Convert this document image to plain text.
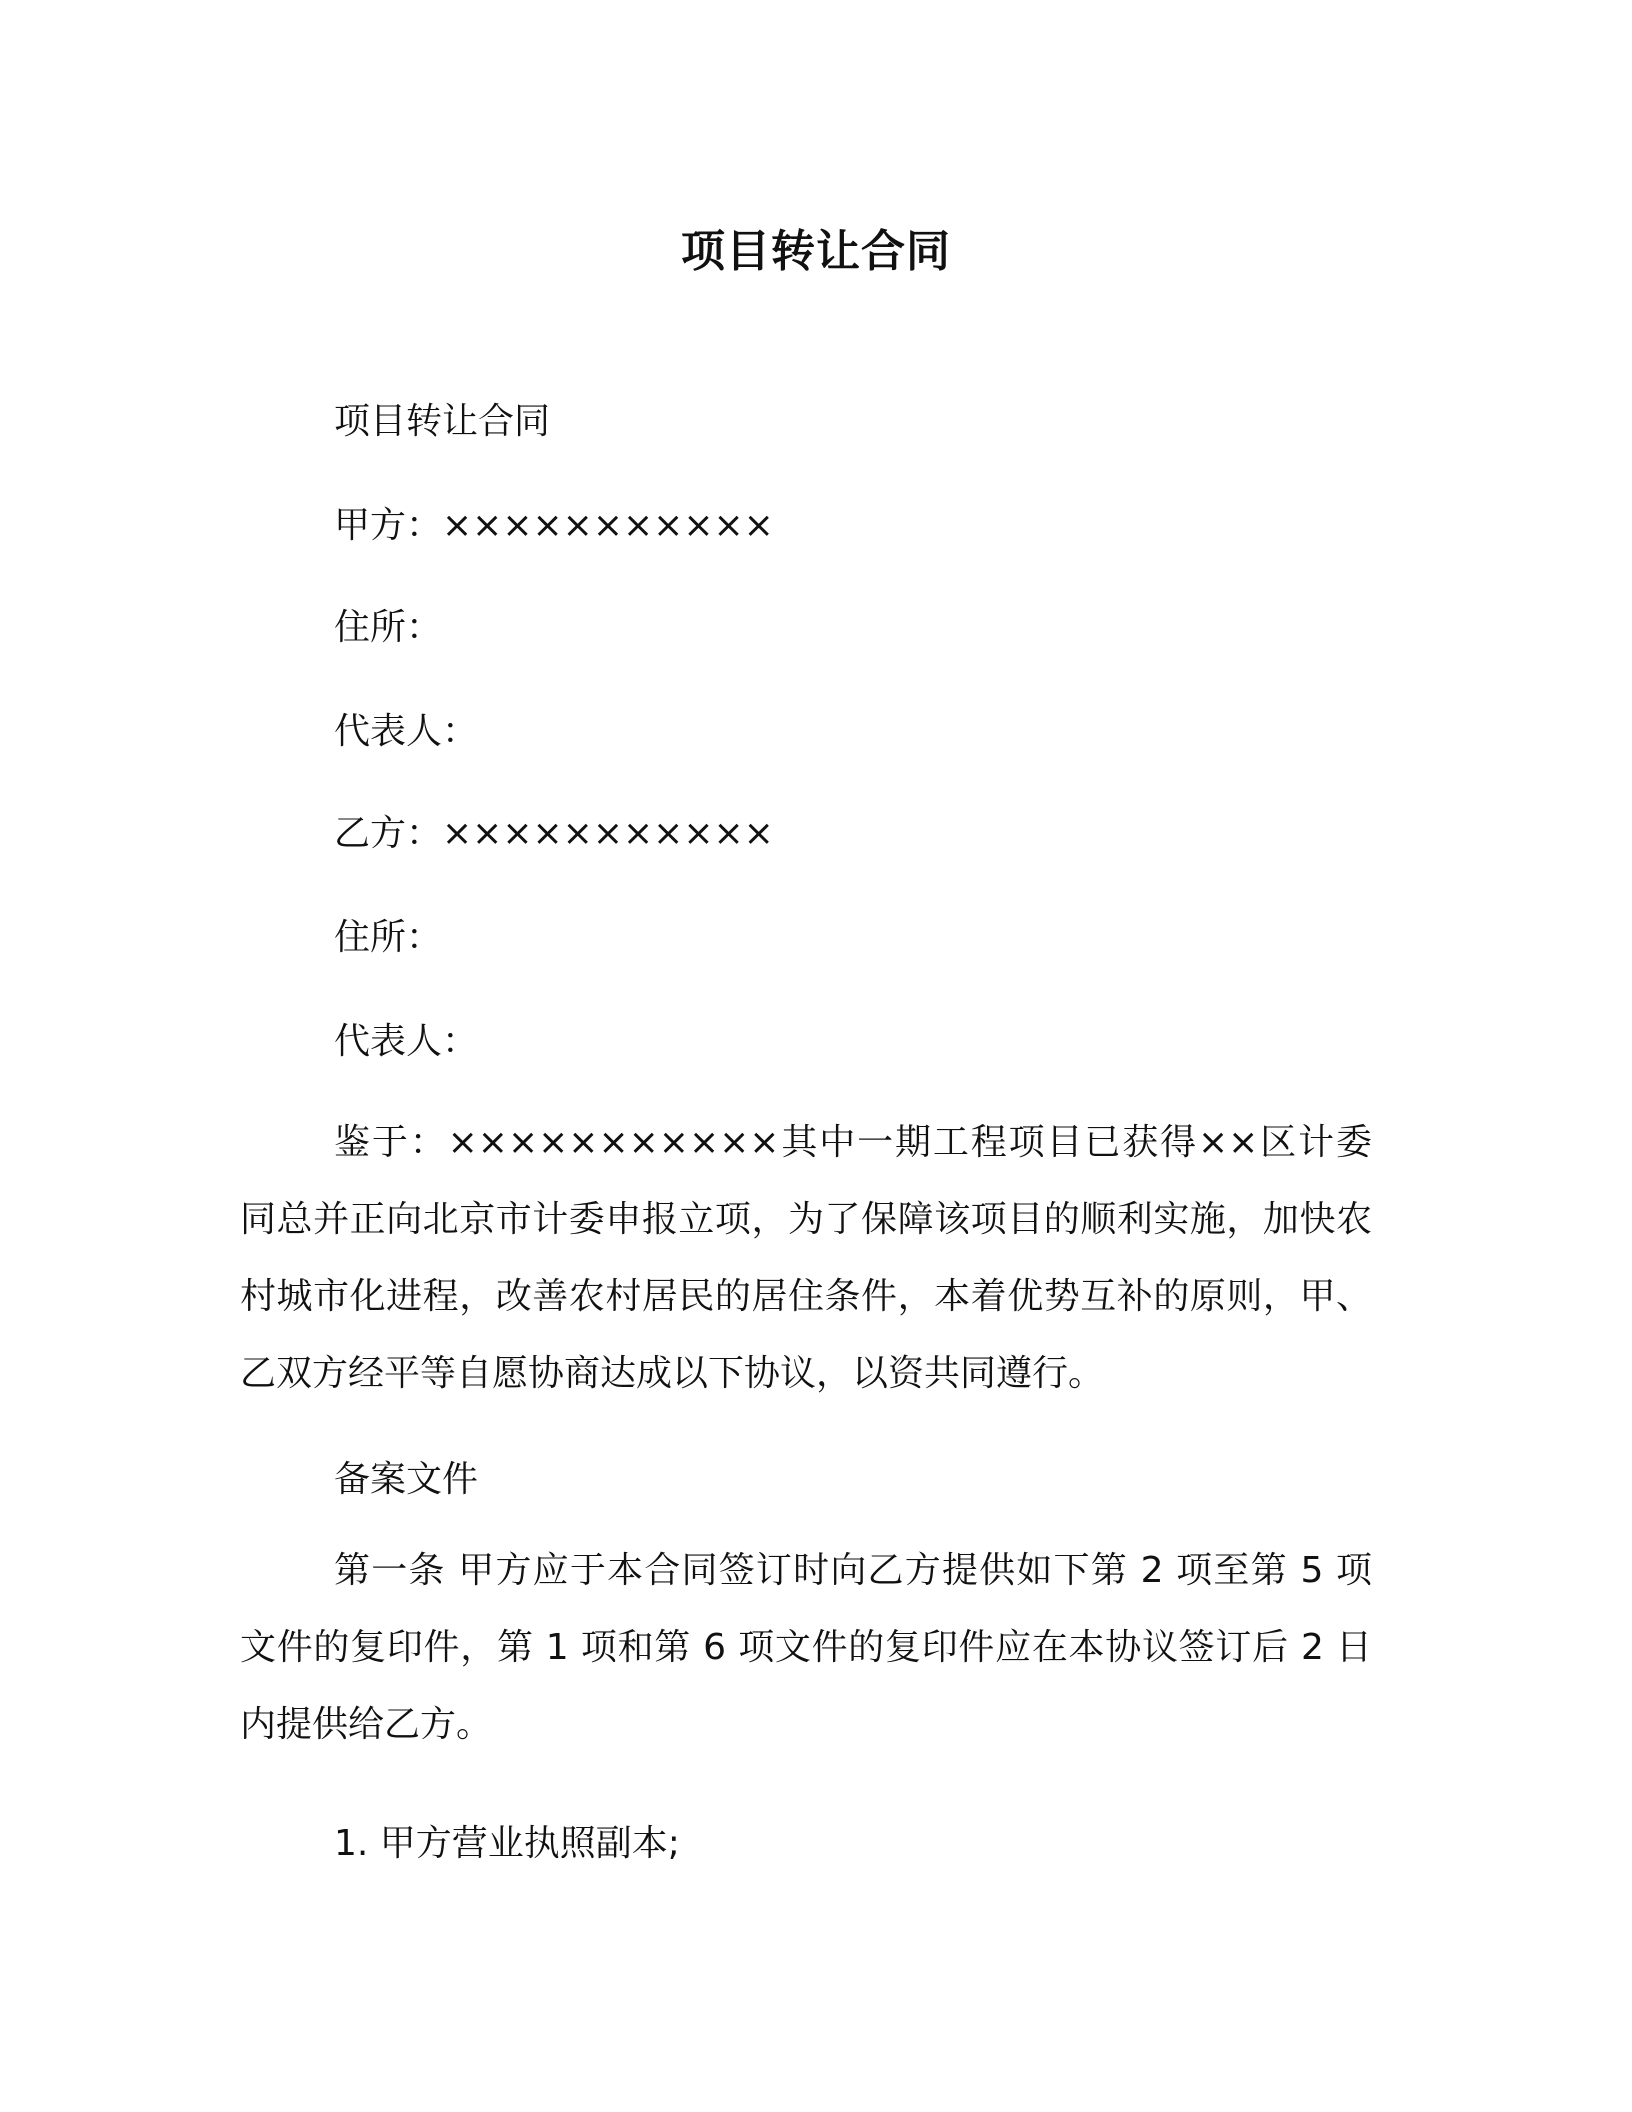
项目转让合同
项目转让合同
甲方：×××××××××××
住所：
代表人：
乙方：×××××××××××
住所：
代表人：

鉴于：×××××××××××其中一期工程项目已获得××区计委同总并正向北京市计委申报立项，为了保障该项目的顺利实施，加快农村城市化进程，改善农村居民的居住条件，本着优势互补的原则，甲、乙双方经平等自愿协商达成以下协议，以资共同遵行。

备案文件

第一条 甲方应于本合同签订时向乙方提供如下第 2 项至第 5 项文件的复印件，第 1 项和第 6 项文件的复印件应在本协议签订后 2 日内提供给乙方。

1. 甲方营业执照副本;
